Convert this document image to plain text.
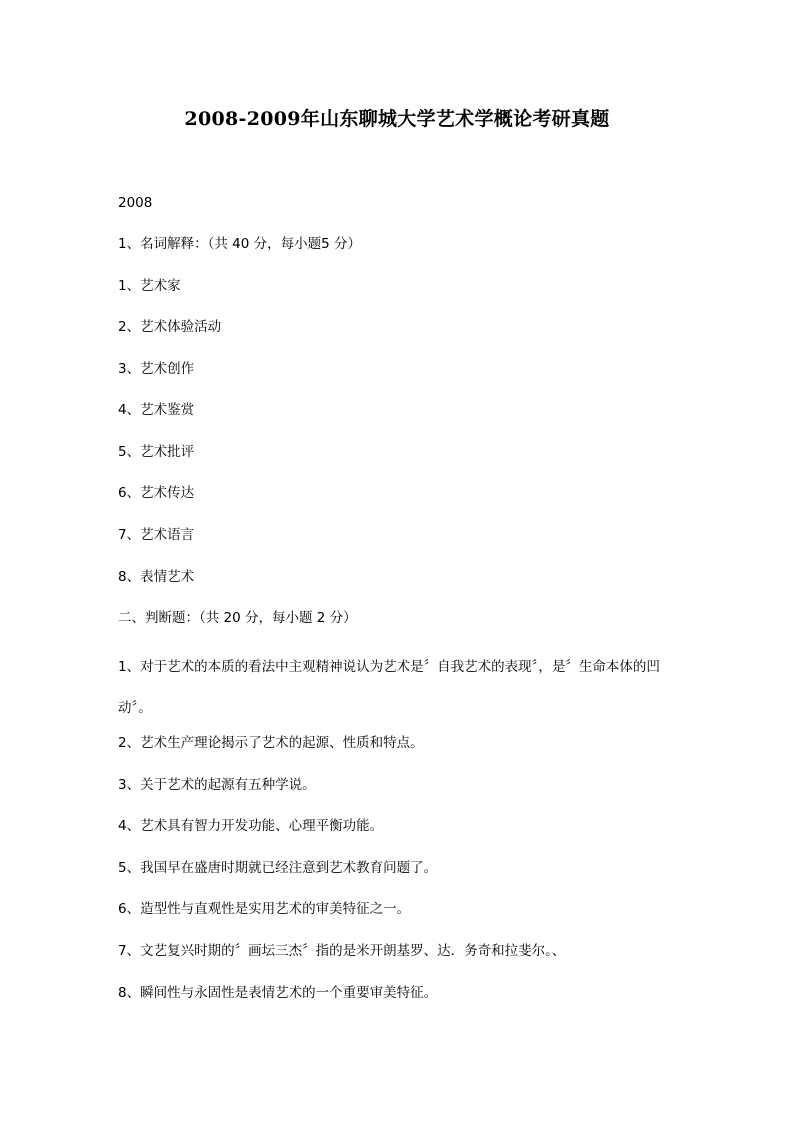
2008-2009年山东聊城大学艺术学概论考研真题
2008
1、名词解释：（共 40 分，每小题5 分）
1、艺术家
2、艺术体验活动
3、艺术创作
4、艺术鉴赏
5、艺术批评
6、艺术传达
7、艺术语言
8、表情艺术
二、判断题：（共 20 分，每小题 2 分）
1、对于艺术的本质的看法中主观精神说认为艺术是〞自我艺术的表现〞，是〞生命本体的凹动〞。
2、艺术生产理论揭示了艺术的起源、性质和特点。
3、关于艺术的起源有五种学说。
4、艺术具有智力开发功能、心理平衡功能。
5、我国早在盛唐时期就已经注意到艺术教育问题了。
6、造型性与直观性是实用艺术的审美特征之一。
7、文艺复兴时期的〞画坛三杰〞指的是米开朗基罗、达．务奇和拉斐尔。、
8、瞬间性与永固性是表情艺术的一个重要审美特征。
